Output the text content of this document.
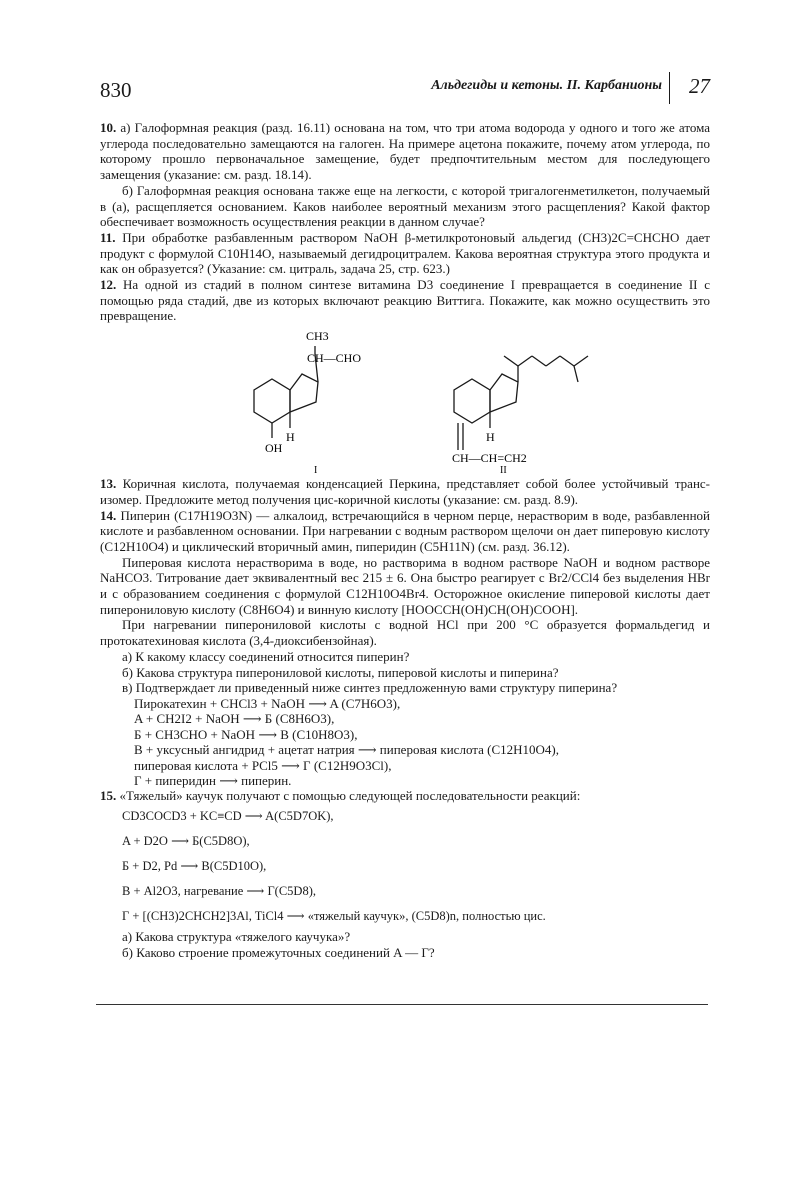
830	Альдегиды и кетоны. II. Карбанионы 27

10. а) Галоформная реакция (разд. 16.11) основана на том, что три атома водорода у одного и того же атома углерода последовательно замещаются на галоген. На примере ацетона покажите, почему атом углерода, по которому прошло первоначальное замещение, будет предпочтительным местом для последующего замещения (указание: см. разд. 18.14).

б) Галоформная реакция основана также еще на легкости, с которой тригалогенметилкетон, получаемый в (а), расщепляется основанием. Каков наиболее вероятный механизм этого расщепления? Какой фактор обеспечивает возможность осуществления реакции в данном случае?

11. При обработке разбавленным раствором NaOH β-метилкротоновый альдегид (CH3)2C=CHCHO дает продукт с формулой C10H14O, называемый дегидроцитралем. Какова вероятная структура этого продукта и как он образуется? (Указание: см. цитраль, задача 25, стр. 623.)

12. На одной из стадий в полном синтезе витамина D3 соединение I превращается в соединение II с помощью ряда стадий, две из которых включают реакцию Виттига. Покажите, как можно осуществить это превращение.

CH3
CH—CHO
H
OH
I
H
CH—CH=CH2
II

13. Коричная кислота, получаемая конденсацией Перкина, представляет собой более устойчивый транс-изомер. Предложите метод получения цис-коричной кислоты (указание: см. разд. 8.9).

14. Пиперин (C17H19O3N) — алкалоид, встречающийся в черном перце, нерастворим в воде, разбавленной кислоте и разбавленном основании. При нагревании с водным раствором щелочи он дает пиперовую кислоту (C12H10O4) и циклический вторичный амин, пиперидин (C5H11N) (см. разд. 36.12).

Пиперовая кислота нерастворима в воде, но растворима в водном растворе NaOH и водном растворе NaHCO3. Титрование дает эквивалентный вес 215 ± 6. Она быстро реагирует с Br2/CCl4 без выделения HBr и с образованием соединения с формулой C12H10O4Br4. Осторожное окисление пиперовой кислоты дает пиперониловую кислоту (C8H6O4) и винную кислоту [HOOCCH(OH)CH(OH)COOH].

При нагревании пиперониловой кислоты с водной HCl при 200 °C образуется формальдегид и протокатехиновая кислота (3,4-диоксибензойная).

а) К какому классу соединений относится пиперин?

б) Какова структура пиперониловой кислоты, пиперовой кислоты и пиперина?

в) Подтверждает ли приведенный ниже синтез предложенную вами структуру пиперина?

Пирокатехин + CHCl3 + NaOH ⟶ A (C7H6O3),
A + CH2I2 + NaOH ⟶ Б (C8H6O3),
Б + CH3CHO + NaOH ⟶ В (C10H8O3),
В + уксусный ангидрид + ацетат натрия ⟶ пиперовая кислота (C12H10O4),
пиперовая кислота + PCl5 ⟶ Г (C12H9O3Cl),
Г + пиперидин ⟶ пиперин.

15. «Тяжелый» каучук получают с помощью следующей последовательности реакций:

CD3COCD3 + KC≡CD ⟶ A(C5D7OK),
A + D2O ⟶ Б(C5D8O),
Б + D2, Pd ⟶ В(C5D10O),
В + Al2O3, нагревание ⟶ Г(C5D8),
Г + [(CH3)2CHCH2]3Al, TiCl4 ⟶ «тяжелый каучук», (C5D8)n, полностью цис.

а) Какова структура «тяжелого каучука»?

б) Каково строение промежуточных соединений A — Г?
